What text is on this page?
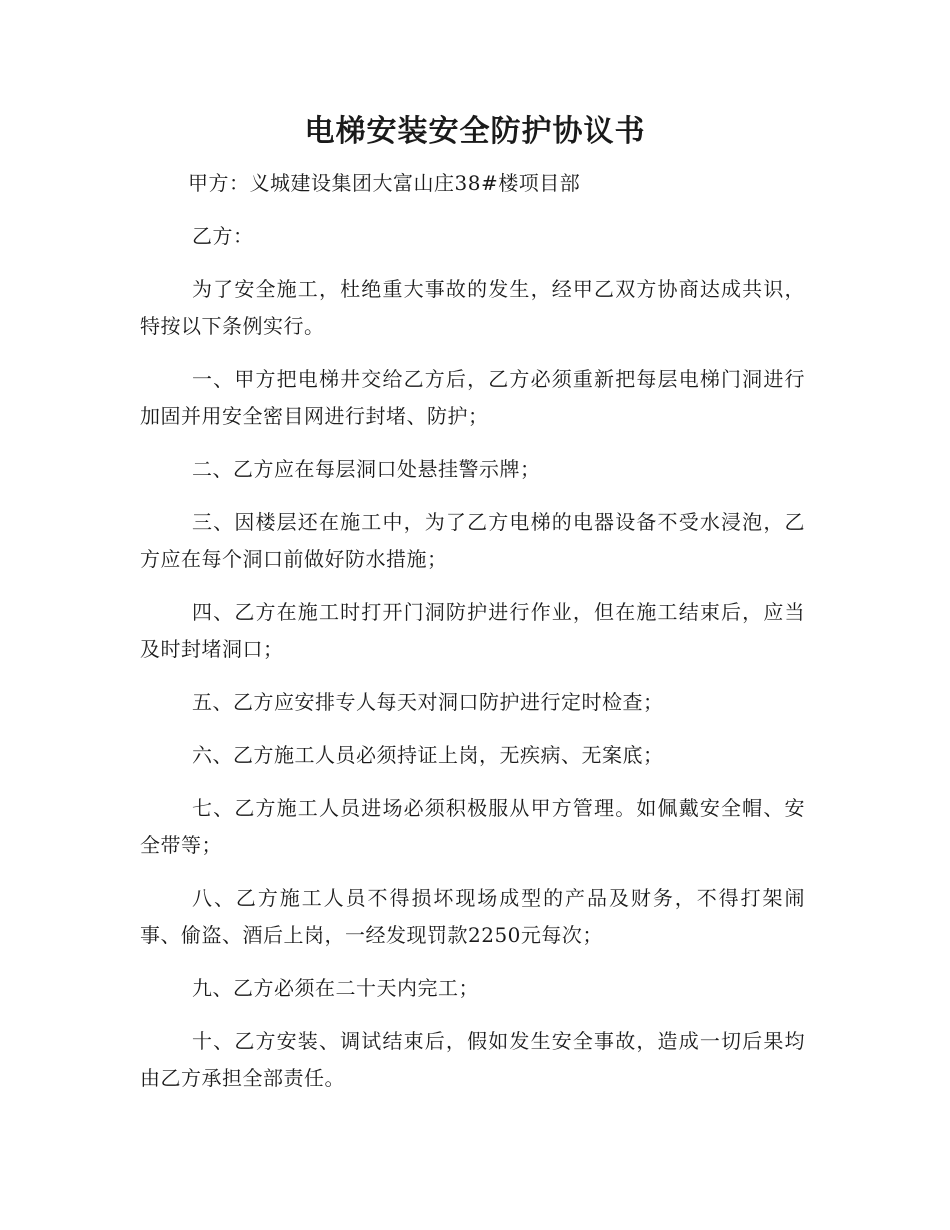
电梯安装安全防护协议书

甲方：义城建设集团大富山庄38#楼项目部

乙方：

为了安全施工，杜绝重大事故的发生，经甲乙双方协商达成共识，特按以下条例实行。

一、甲方把电梯井交给乙方后，乙方必须重新把每层电梯门洞进行加固并用安全密目网进行封堵、防护；

二、乙方应在每层洞口处悬挂警示牌；

三、因楼层还在施工中，为了乙方电梯的电器设备不受水浸泡，乙方应在每个洞口前做好防水措施；

四、乙方在施工时打开门洞防护进行作业，但在施工结束后，应当及时封堵洞口；

五、乙方应安排专人每天对洞口防护进行定时检查；

六、乙方施工人员必须持证上岗，无疾病、无案底；

七、乙方施工人员进场必须积极服从甲方管理。如佩戴安全帽、安全带等；

八、乙方施工人员不得损坏现场成型的产品及财务，不得打架闹事、偷盗、酒后上岗，一经发现罚款2250元每次；

九、乙方必须在二十天内完工；

十、乙方安装、调试结束后，假如发生安全事故，造成一切后果均由乙方承担全部责任。
